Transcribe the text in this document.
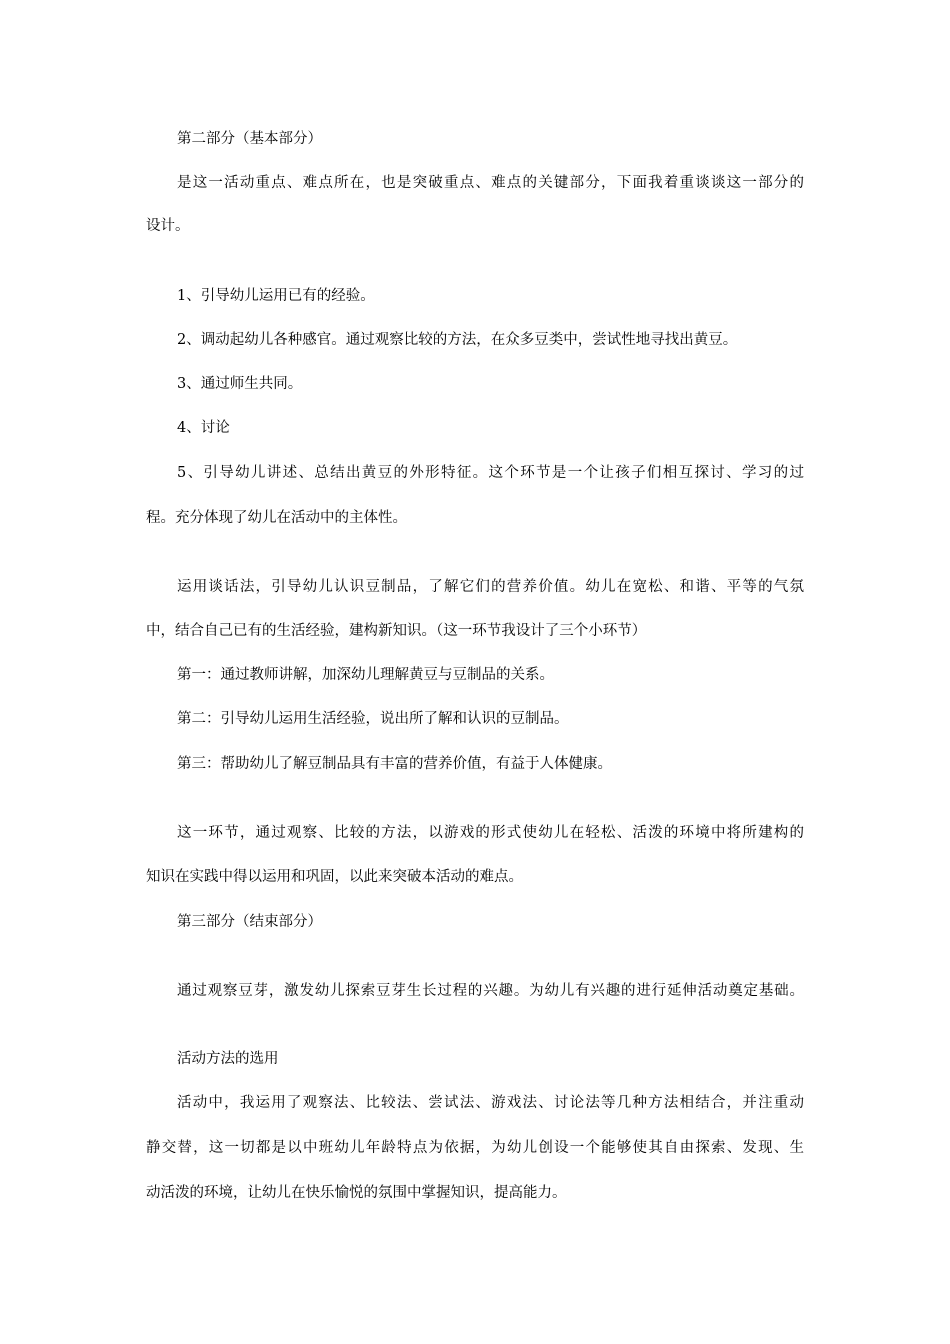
第二部分（基本部分）
是这一活动重点、难点所在，也是突破重点、难点的关键部分，下面我着重谈谈这一部分的
设计。
1、引导幼儿运用已有的经验。
2、调动起幼儿各种感官。通过观察比较的方法，在众多豆类中，尝试性地寻找出黄豆。
3、通过师生共同。
4、讨论
5、引导幼儿讲述、总结出黄豆的外形特征。这个环节是一个让孩子们相互探讨、学习的过
程。充分体现了幼儿在活动中的主体性。
运用谈话法，引导幼儿认识豆制品，了解它们的营养价值。幼儿在宽松、和谐、平等的气氛
中，结合自己已有的生活经验，建构新知识。（这一环节我设计了三个小环节）
第一：通过教师讲解，加深幼儿理解黄豆与豆制品的关系。
第二：引导幼儿运用生活经验，说出所了解和认识的豆制品。
第三：帮助幼儿了解豆制品具有丰富的营养价值，有益于人体健康。
这一环节，通过观察、比较的方法，以游戏的形式使幼儿在轻松、活泼的环境中将所建构的
知识在实践中得以运用和巩固，以此来突破本活动的难点。
第三部分（结束部分）
通过观察豆芽，激发幼儿探索豆芽生长过程的兴趣。为幼儿有兴趣的进行延伸活动奠定基础。
活动方法的选用
活动中，我运用了观察法、比较法、尝试法、游戏法、讨论法等几种方法相结合，并注重动
静交替，这一切都是以中班幼儿年龄特点为依据，为幼儿创设一个能够使其自由探索、发现、生
动活泼的环境，让幼儿在快乐愉悦的氛围中掌握知识，提高能力。
